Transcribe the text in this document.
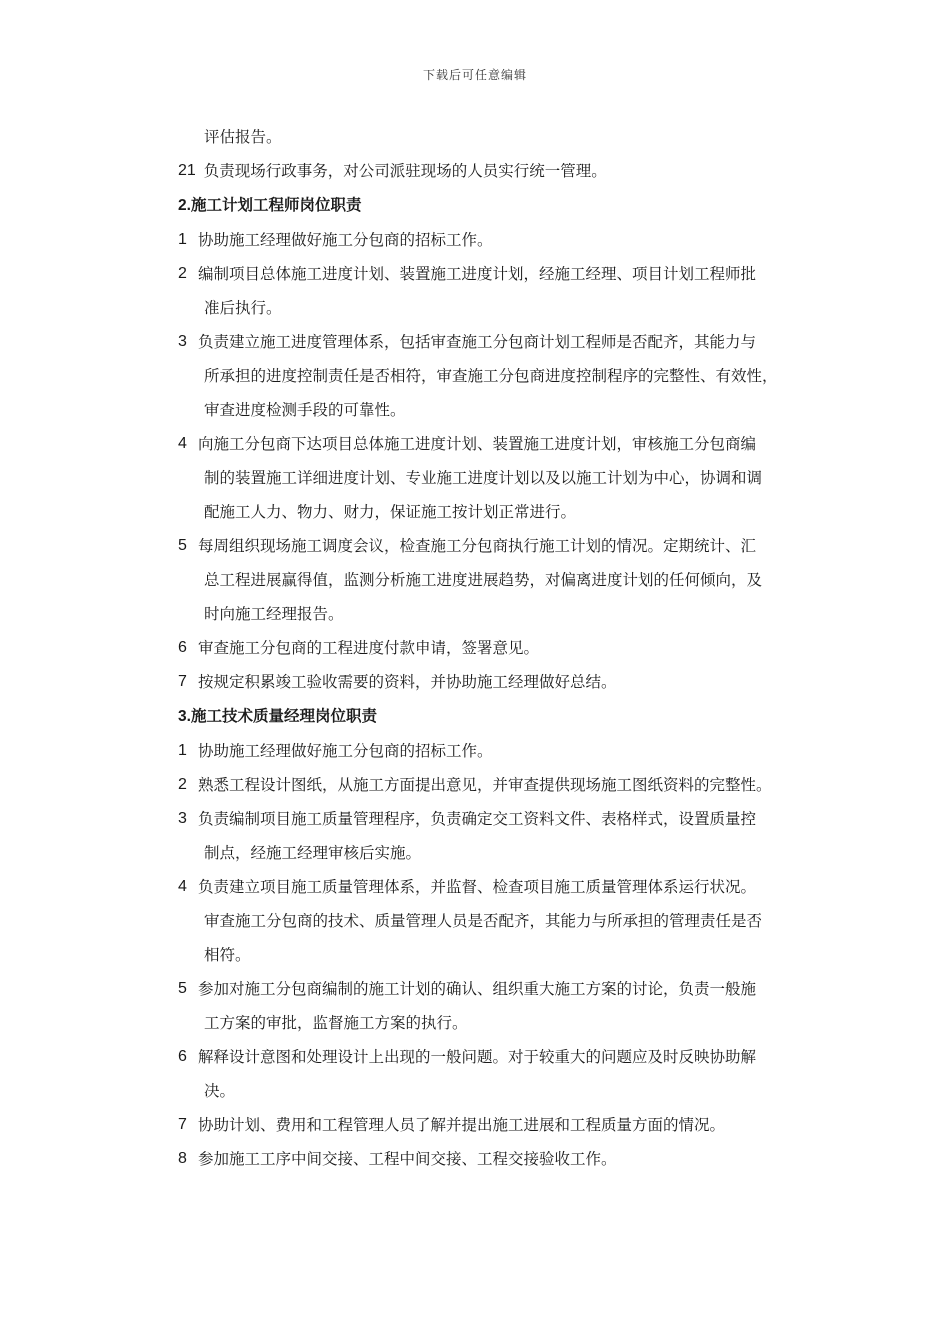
下载后可任意编辑
评估报告。
21 负责现场行政事务，对公司派驻现场的人员实行统一管理。
2.施工计划工程师岗位职责
1 协助施工经理做好施工分包商的招标工作。
2 编制项目总体施工进度计划、装置施工进度计划，经施工经理、项目计划工程师批
准后执行。
3 负责建立施工进度管理体系，包括审查施工分包商计划工程师是否配齐，其能力与
所承担的进度控制责任是否相符，审查施工分包商进度控制程序的完整性、有效性，
审查进度检测手段的可靠性。
4 向施工分包商下达项目总体施工进度计划、装置施工进度计划，审核施工分包商编
制的装置施工详细进度计划、专业施工进度计划以及以施工计划为中心，协调和调
配施工人力、物力、财力，保证施工按计划正常进行。
5 每周组织现场施工调度会议，检查施工分包商执行施工计划的情况。定期统计、汇
总工程进展赢得值，监测分析施工进度进展趋势，对偏离进度计划的任何倾向，及
时向施工经理报告。
6 审查施工分包商的工程进度付款申请，签署意见。
7 按规定积累竣工验收需要的资料，并协助施工经理做好总结。
3.施工技术质量经理岗位职责
1 协助施工经理做好施工分包商的招标工作。
2 熟悉工程设计图纸，从施工方面提出意见，并审查提供现场施工图纸资料的完整性。
3 负责编制项目施工质量管理程序，负责确定交工资料文件、表格样式，设置质量控
制点，经施工经理审核后实施。
4 负责建立项目施工质量管理体系，并监督、检查项目施工质量管理体系运行状况。
审查施工分包商的技术、质量管理人员是否配齐，其能力与所承担的管理责任是否
相符。
5 参加对施工分包商编制的施工计划的确认、组织重大施工方案的讨论，负责一般施
工方案的审批，监督施工方案的执行。
6 解释设计意图和处理设计上出现的一般问题。对于较重大的问题应及时反映协助解
决。
7 协助计划、费用和工程管理人员了解并提出施工进展和工程质量方面的情况。
8 参加施工工序中间交接、工程中间交接、工程交接验收工作。
